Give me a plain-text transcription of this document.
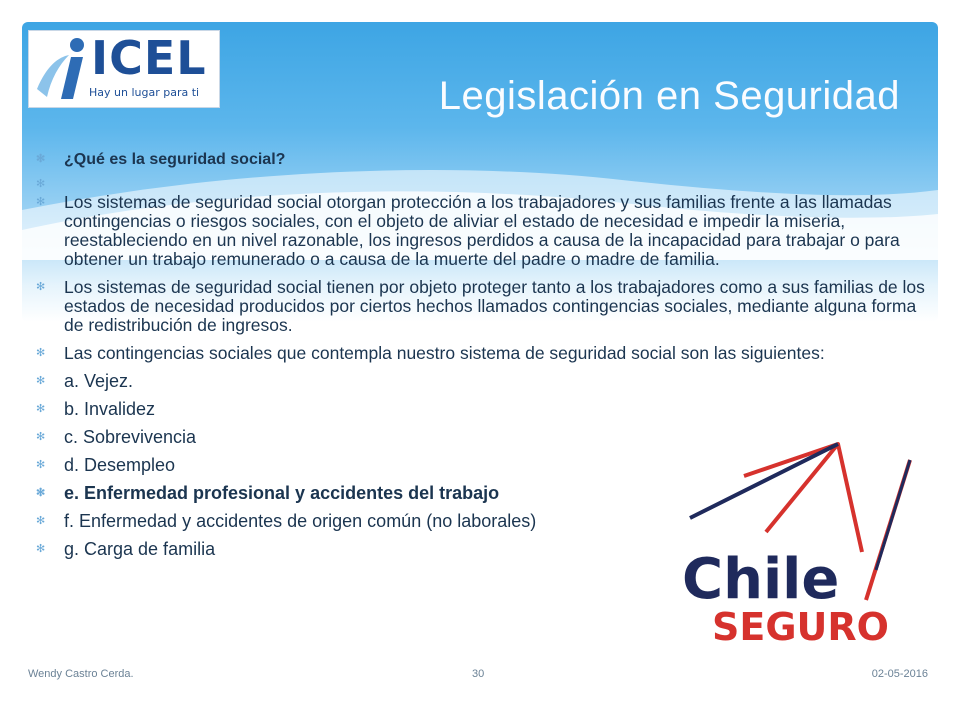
ICEL
Hay un lugar para ti	Legislación en Seguridad
✻ ¿Qué es la seguridad social?
✻
✻ Los sistemas de seguridad social otorgan protección a los trabajadores y sus familias frente a las llamadas contingencias o riesgos sociales, con el objeto de aliviar el estado de necesidad e impedir la miseria, reestableciendo en un nivel razonable, los ingresos perdidos a causa de la incapacidad para trabajar o para obtener un trabajo remunerado o a causa de la muerte del padre o madre de familia.
✻ Los sistemas de seguridad social tienen por objeto proteger tanto a los trabajadores como a sus familias de los estados de necesidad producidos por ciertos hechos llamados contingencias sociales, mediante alguna forma de redistribución de ingresos.
✻ Las contingencias sociales que contempla nuestro sistema de seguridad social son las siguientes:
✻ a. Vejez.
✻ b. Invalidez
✻ c. Sobrevivencia
✻ d. Desempleo
✻ e. Enfermedad profesional y accidentes del trabajo
✻ f. Enfermedad y accidentes de origen común (no laborales)
✻ g. Carga de familia	Chile
SEGURO
Wendy Castro Cerda.	30	02-05-2016
